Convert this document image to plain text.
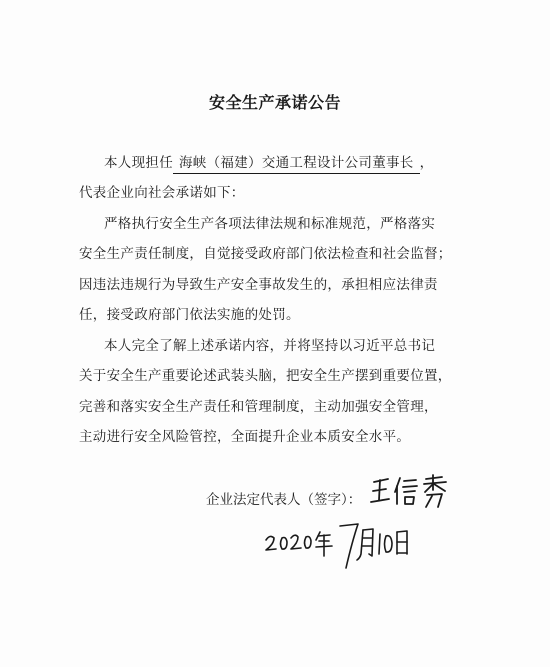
安全生产承诺公告
本人现担任 海峡（福建）交通工程设计公司董事长 ，
代表企业向社会承诺如下：
严格执行安全生产各项法律法规和标准规范，严格落实
安全生产责任制度，自觉接受政府部门依法检查和社会监督；
因违法违规行为导致生产安全事故发生的，承担相应法律责
任，接受政府部门依法实施的处罚。
本人完全了解上述承诺内容，并将坚持以习近平总书记
关于安全生产重要论述武装头脑，把安全生产摆到重要位置，
完善和落实安全生产责任和管理制度，主动加强安全管理，
主动进行安全风险管控，全面提升企业本质安全水平。
企业法定代表人（签字）：
